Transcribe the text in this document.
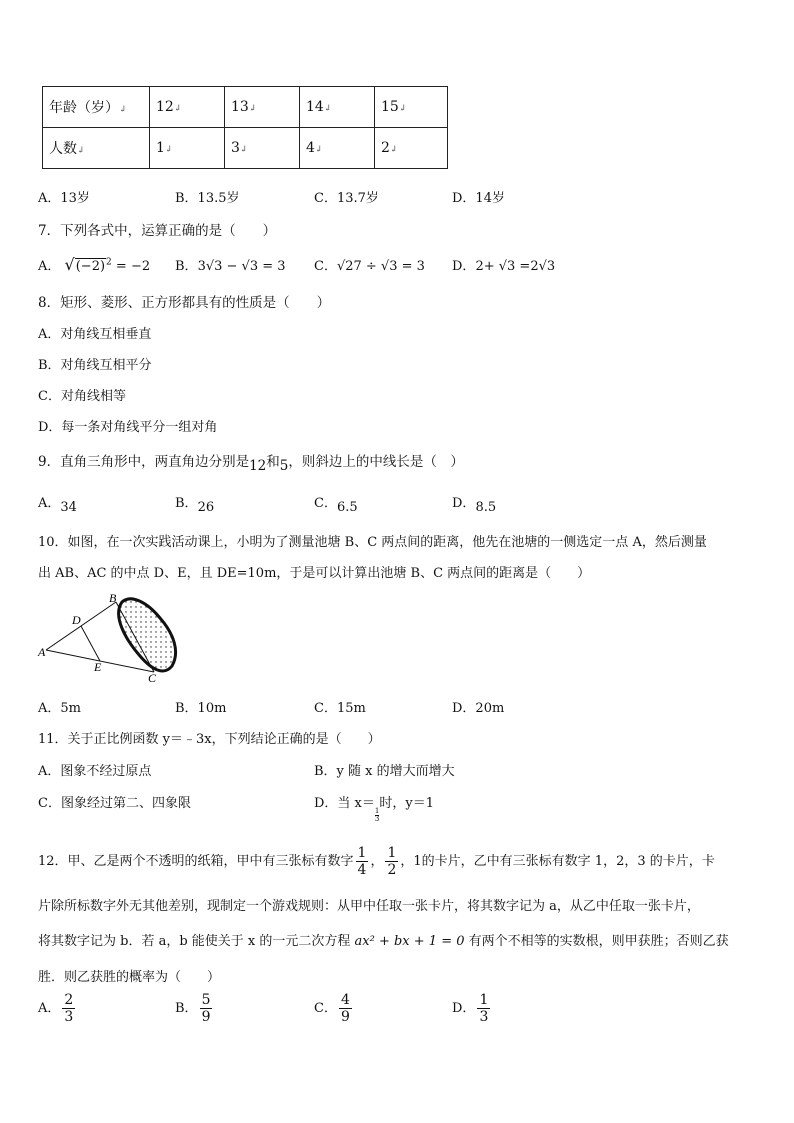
年龄（岁）↲	12↲	13↲	14↲	15↲
人数↲	1↲	3↲	4↲	2↲
A．13岁	B．13.5岁	C．13.7岁	D．14岁
7．下列各式中，运算正确的是（　　）
A． $√(-2)^2 = -2$ B．3√3 − √3 = 3 C．√27 ÷ √3 = 3 D．2+ √3 =2√3
8．矩形、菱形、正方形都具有的性质是（　　）
A．对角线互相垂直
B．对角线互相平分
C．对角线相等
D．每一条对角线平分一组对角
9．直角三角形中，两直角边分别是12和5，则斜边上的中线长是（　）
A．34	B．26	C．6.5	D．8.5
10．如图，在一次实践活动课上，小明为了测量池塘 B、C 两点间的距离，他先在池塘的一侧选定一点 A，然后测量
出 AB、AC 的中点 D、E，且 DE=10m，于是可以计算出池塘 B、C 两点间的距离是（　　）
A
B
C
D
E
A．5m	B．10m	C．15m	D．20m
11．关于正比例函数 y＝﹣3x，下列结论正确的是（　　）
A．图象不经过原点	B．y 随 x 的增大而增大
C．图象经过第二、四象限	D．当 x＝
$\frac{1}{3}$时，y＝1
12．甲、乙是两个不透明的纸箱，甲中有三张标有数字 $\frac{1}{4}$ ， $\frac{1}{2}$ ，1的卡片，乙中有三张标有数字 1，2，3 的卡片，卡
片除所标数字外无其他差别，现制定一个游戏规则：从甲中任取一张卡片，将其数字记为 a，从乙中任取一张卡片，
将其数字记为 b．若 a，b 能使关于 x 的一元二次方程 ax² + bx + 1 = 0 有两个不相等的实数根，则甲获胜；否则乙获
胜．则乙获胜的概率为（　　）
A． $\frac{2}{3}$	B． $\frac{5}{9}$	C． $\frac{4}{9}$	D． $\frac{1}{3}$
